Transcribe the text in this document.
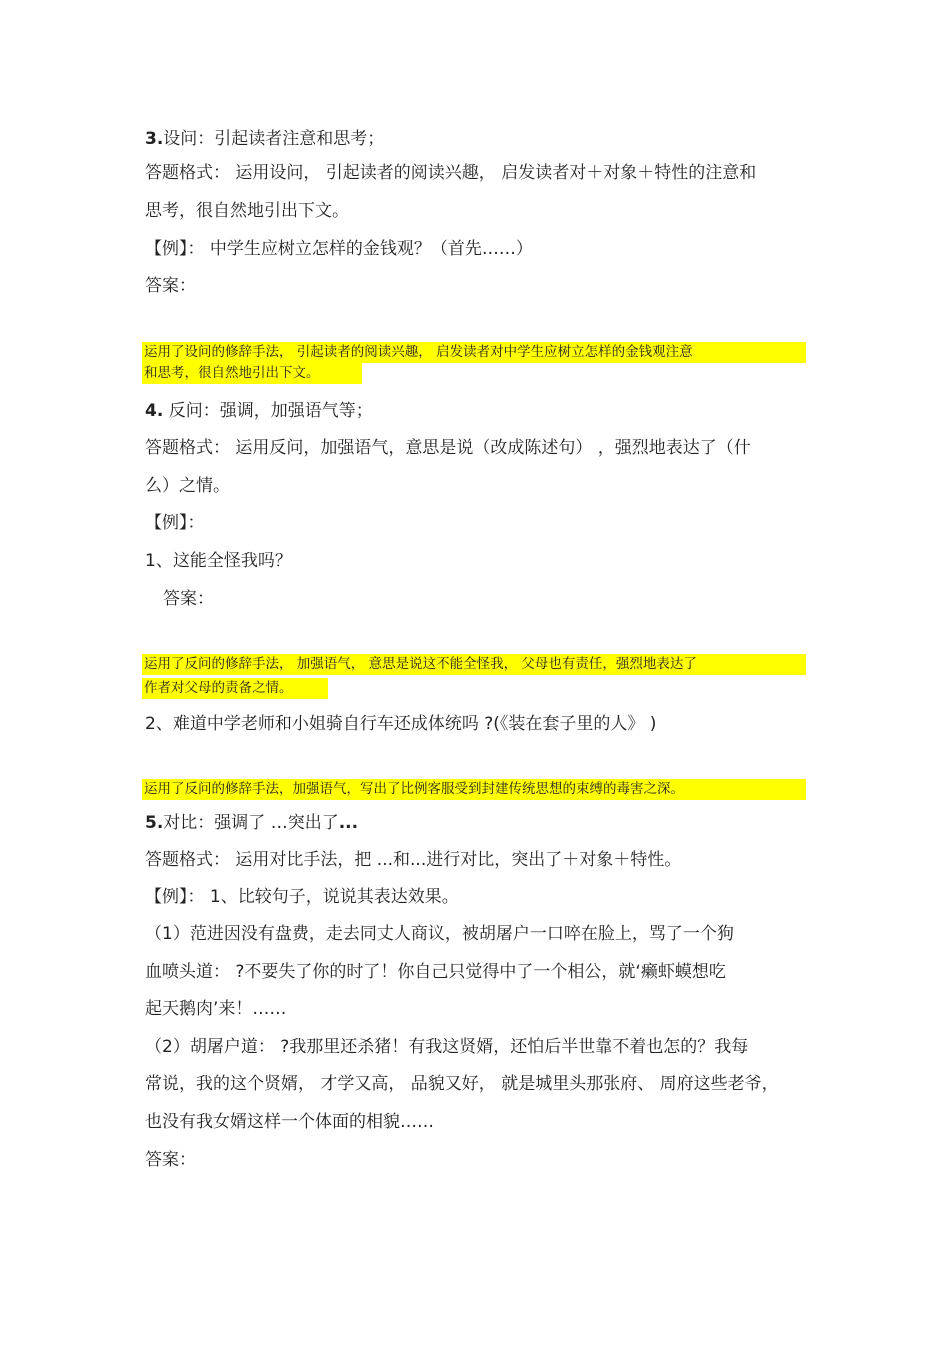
3.设问：引起读者注意和思考；
答题格式： 运用设问， 引起读者的阅读兴趣， 启发读者对＋对象＋特性的注意和
思考，很自然地引出下文。
【例】： 中学生应树立怎样的金钱观？（首先……）
答案：
运用了设问的修辞手法， 引起读者的阅读兴趣， 启发读者对中学生应树立怎样的金钱观注意
和思考，很自然地引出下文。
4. 反问：强调，加强语气等；
答题格式： 运用反问，加强语气，意思是说（改成陈述句） ，强烈地表达了（什
么）之情。
【例】：
1、这能全怪我吗？
答案：
运用了反问的修辞手法， 加强语气， 意思是说这不能全怪我， 父母也有责任，强烈地表达了
作者对父母的责备之情。
2、难道中学老师和小姐骑自行车还成体统吗 ?(《装在套子里的人》 )
运用了反问的修辞手法，加强语气，写出了比例客服受到封建传统思想的束缚的毒害之深。
5.对比：强调了 …突出了...
答题格式： 运用对比手法，把 ...和...进行对比，突出了＋对象＋特性。
【例】： 1、比较句子，说说其表达效果。
（1）范进因没有盘费，走去同丈人商议，被胡屠户一口啐在脸上，骂了一个狗
血喷头道： ?不要失了你的时了！你自己只觉得中了一个相公，就‘癞虾蟆想吃
起天鹅肉’来！……
（2）胡屠户道： ?我那里还杀猪！有我这贤婿，还怕后半世靠不着也怎的？我每
常说，我的这个贤婿， 才学又高， 品貌又好， 就是城里头那张府、 周府这些老爷，
也没有我女婿这样一个体面的相貌……
答案：
